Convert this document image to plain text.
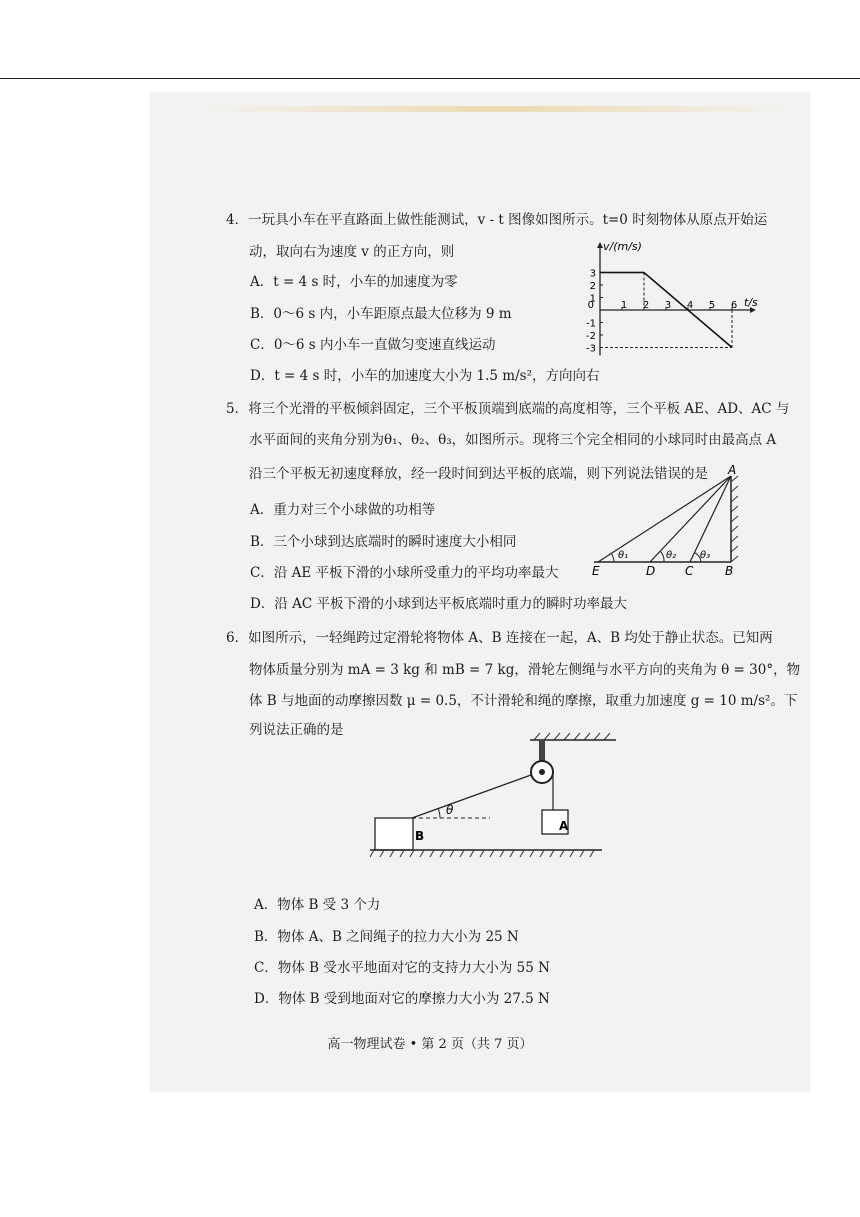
4．一玩具小车在平直路面上做性能测试，v - t 图像如图所示。t=0 时刻物体从原点开始运
动，取向右为速度 v 的正方向，则
A．t = 4 s 时，小车的加速度为零
B．0～6 s 内，小车距原点最大位移为 9 m
C．0～6 s 内小车一直做匀变速直线运动
D．t = 4 s 时，小车的加速度大小为 1.5 m/s²，方向向右
3
2
1
-1
-2
-3
0	1 2 3 4 5 6
v/(m/s)
t/s
5．将三个光滑的平板倾斜固定，三个平板顶端到底端的高度相等，三个平板 AE、AD、AC 与
水平面间的夹角分别为θ₁、θ₂、θ₃，如图所示。现将三个完全相同的小球同时由最高点 A
沿三个平板无初速度释放，经一段时间到达平板的底端，则下列说法错误的是
A．重力对三个小球做的功相等
B．三个小球到达底端时的瞬时速度大小相同
C．沿 AE 平板下滑的小球所受重力的平均功率最大
D．沿 AC 平板下滑的小球到达平板底端时重力的瞬时功率最大
A
E	D C	B
θ₁	θ₂ θ₃
6．如图所示，一轻绳跨过定滑轮将物体 A、B 连接在一起，A、B 均处于静止状态。已知两
物体质量分别为 mA = 3 kg 和 mB = 7 kg，滑轮左侧绳与水平方向的夹角为 θ = 30°，物
体 B 与地面的动摩擦因数 μ = 0.5，不计滑轮和绳的摩擦，取重力加速度 g = 10 m/s²。下
列说法正确的是
A
θ
B
A．物体 B 受 3 个力
B．物体 A、B 之间绳子的拉力大小为 25 N
C．物体 B 受水平地面对它的支持力大小为 55 N
D．物体 B 受到地面对它的摩擦力大小为 27.5 N
高一物理试卷 • 第 2 页（共 7 页）
